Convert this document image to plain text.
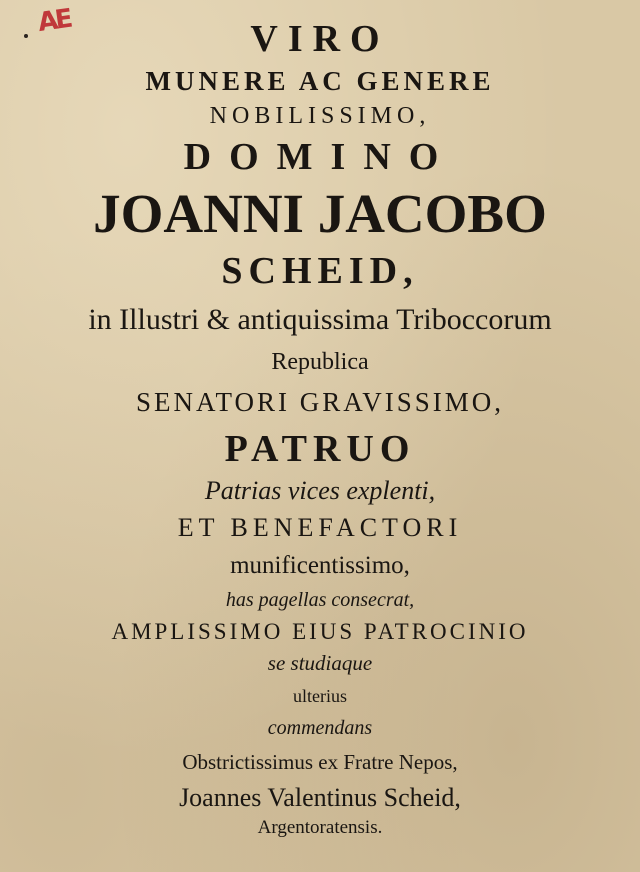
AE	VIRO
MUNERE AC GENERE
NOBILISSIMO,
DOMINO
JOANNI JACOBO
SCHEID,
in Illustri & antiquissima Triboccorum
Republica
SENATORI GRAVISSIMO,
PATRUO
Patrias vices explenti,
ET BENEFACTORI
munificentissimo,
has pagellas consecrat,
AMPLISSIMO EIUS PATROCINIO
se studiaque
ulterius
commendans
Obstrictissimus ex Fratre Nepos,
Joannes Valentinus Scheid,
Argentoratensis.
